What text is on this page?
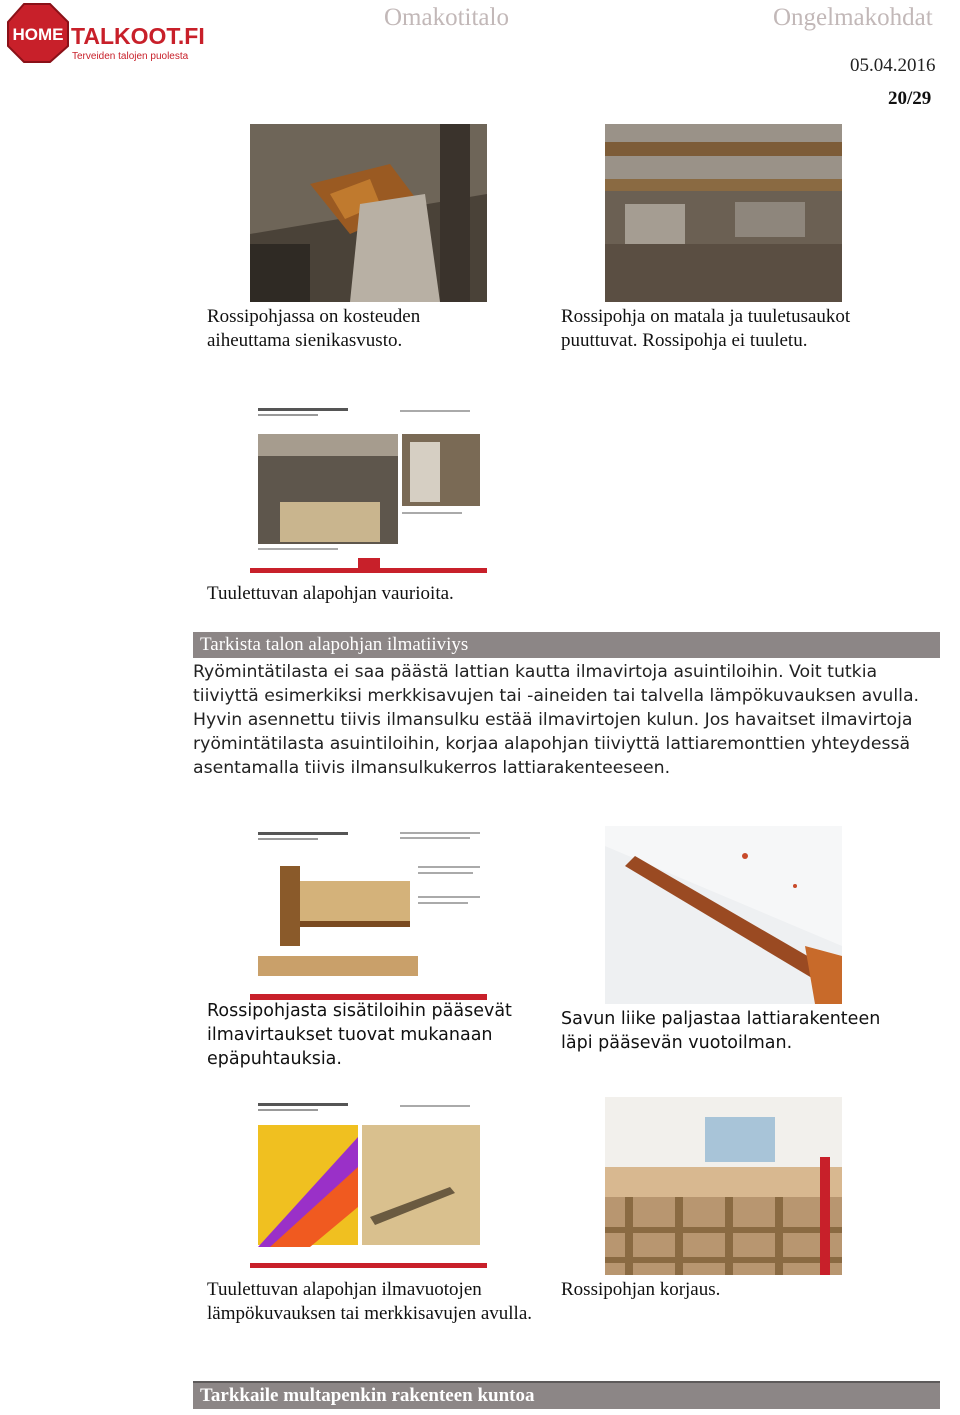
HOME TALKOOT.FI
Terveiden talojen puolesta
Omakotitalo	Ongelmakohdat
05.04.2016
20/29
Rossipohjassa on kosteuden aiheuttama sienikasvusto.
Rossipohja on matala ja tuuletusaukot puuttuvat. Rossipohja ei tuuletu.
Tuulettuvan alapohjan vaurioita.
Tarkista talon alapohjan ilmatiiviys
Ryömintätilasta ei saa päästä lattian kautta ilmavirtoja asuintiloihin. Voit tutkia tiiviyttä esimerkiksi merkkisavujen tai -aineiden tai talvella lämpökuvauksen avulla. Hyvin asennettu tiivis ilmansulku estää ilmavirtojen kulun. Jos havaitset ilmavirtoja ryömintätilasta asuintiloihin, korjaa alapohjan tiiviyttä lattiaremonttien yhteydessä asentamalla tiivis ilmansulkukerros lattiarakenteeseen.
Rossipohjasta sisätiloihin pääsevät ilmavirtaukset tuovat mukanaan epäpuhtauksia.
Savun liike paljastaa lattiarakenteen läpi pääsevän vuotoilman.
Tuulettuvan alapohjan ilmavuotojen lämpökuvauksen tai merkkisavujen avulla.
Rossipohjan korjaus.
Tarkkaile multapenkin rakenteen kuntoa
